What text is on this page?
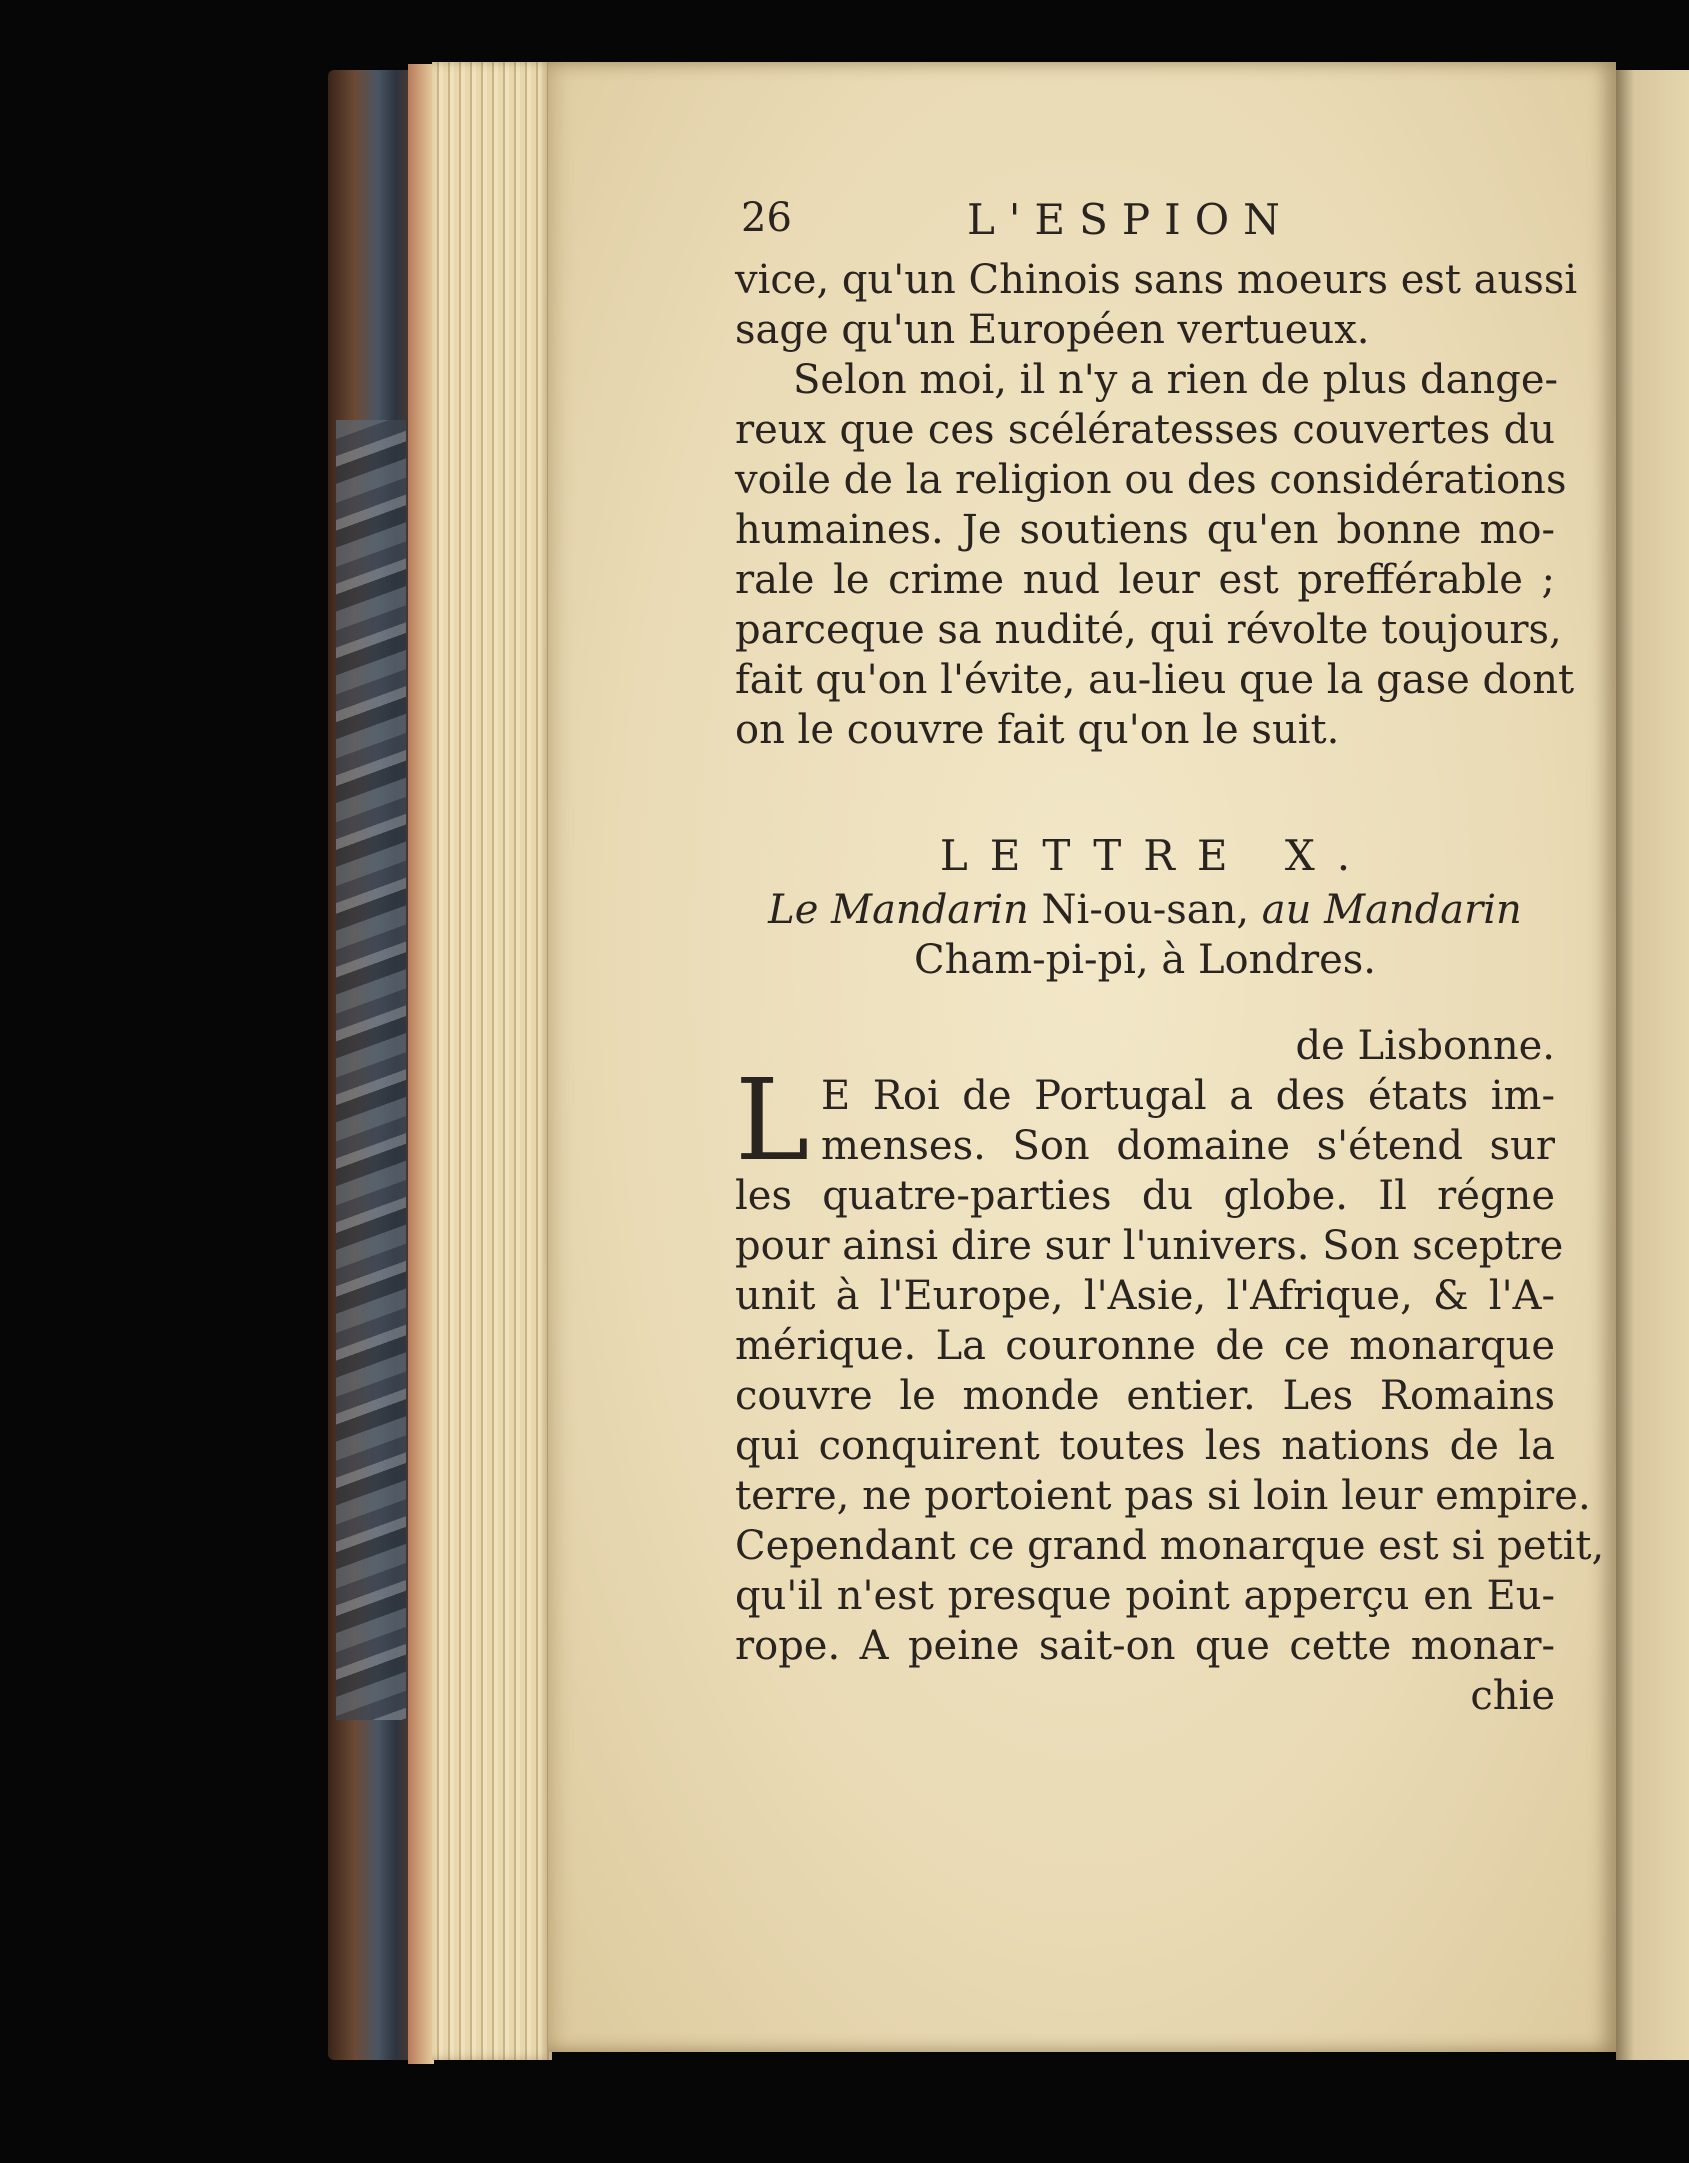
26	L'ESPION
vice, qu'un Chinois sans moeurs est aussi
sage qu'un Européen vertueux.
Selon moi, il n'y a rien de plus dange-
reux que ces scélératesses couvertes du
voile de la religion ou des considérations
humaines. Je soutiens qu'en bonne mo-
rale le crime nud leur est prefférable ;
parceque sa nudité, qui révolte toujours,
fait qu'on l'évite, au-lieu que la gase dont
on le couvre fait qu'on le suit.
LETTRE X.
Le Mandarin Ni-ou-san, au Mandarin
Cham-pi-pi, à Londres.
de Lisbonne.
L E Roi de Portugal a des états im-
menses. Son domaine s'étend sur
les quatre-parties du globe. Il régne
pour ainsi dire sur l'univers. Son sceptre
unit à l'Europe, l'Asie, l'Afrique, & l'A-
mérique. La couronne de ce monarque
couvre le monde entier. Les Romains
qui conquirent toutes les nations de la
terre, ne portoient pas si loin leur empire.
Cependant ce grand monarque est si petit,
qu'il n'est presque point apperçu en Eu-
rope. A peine sait-on que cette monar-
chie
